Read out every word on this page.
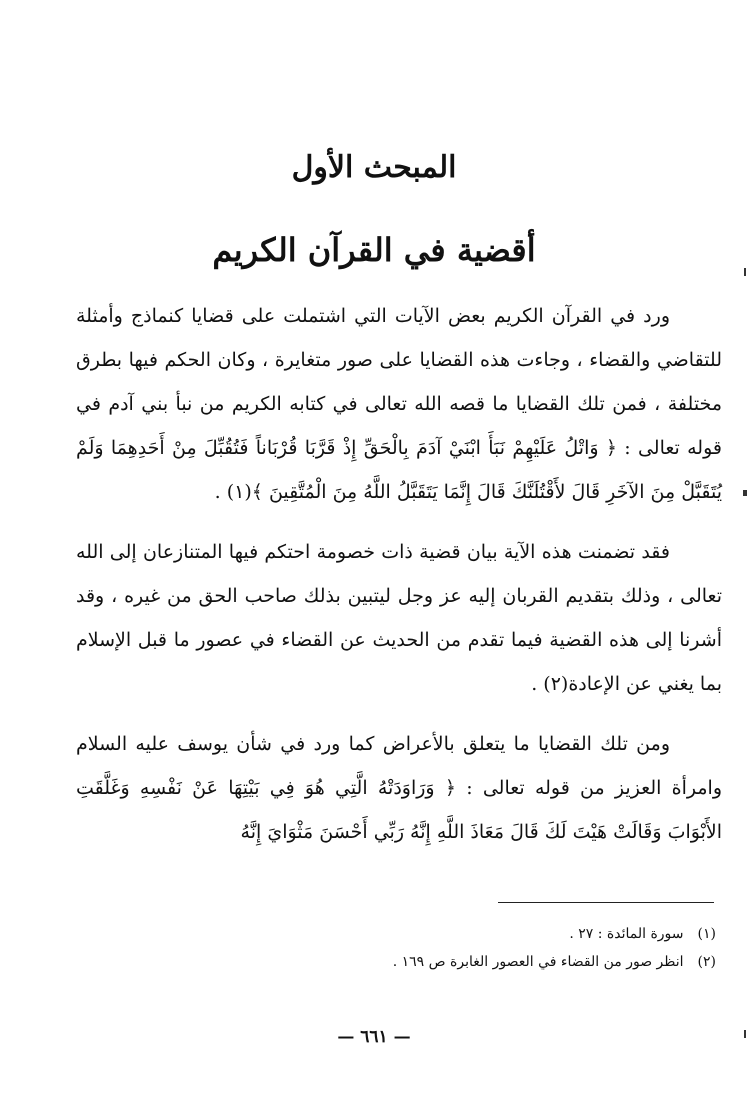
المبحث الأول
أقضية في القرآن الكريم

ورد في القرآن الكريم بعض الآيات التي اشتملت على قضايا كنماذج وأمثلة للتقاضي والقضاء ، وجاءت هذه القضايا على صور متغايرة ، وكان الحكم فيها بطرق مختلفة ، فمن تلك القضايا ما قصه الله تعالى في كتابه الكريم من نبأ بني آدم في قوله تعالى : ﴿ وَاتْلُ عَلَيْهِمْ نَبَأَ ابْنَيْ آدَمَ بِالْحَقِّ إِذْ قَرَّبَا قُرْبَاناً فَتُقُبِّلَ مِنْ أَحَدِهِمَا وَلَمْ يُتَقَبَّلْ مِنَ الآخَرِ قَالَ لأَقْتُلَنَّكَ قَالَ إِنَّمَا يَتَقَبَّلُ اللَّهُ مِنَ الْمُتَّقِينَ ﴾(١) .

فقد تضمنت هذه الآية بيان قضية ذات خصومة احتكم فيها المتنازعان إلى الله تعالى ، وذلك بتقديم القربان إليه عز وجل ليتبين بذلك صاحب الحق من غيره ، وقد أشرنا إلى هذه القضية فيما تقدم من الحديث عن القضاء في عصور ما قبل الإسلام بما يغني عن الإعادة(٢) .

ومن تلك القضايا ما يتعلق بالأعراض كما ورد في شأن يوسف عليه السلام وامرأة العزيز من قوله تعالى : ﴿ وَرَاوَدَتْهُ الَّتِي هُوَ فِي بَيْتِهَا عَنْ نَفْسِهِ وَغَلَّقَتِ الأَبْوَابَ وَقَالَتْ هَيْتَ لَكَ قَالَ مَعَاذَ اللَّهِ إِنَّهُ رَبِّي أَحْسَنَ مَثْوَايَ إِنَّهُ

(١)سورة المائدة : ٢٧ .
(٢)انظر صور من القضاء في العصور الغابرة ص ١٦٩ .
— ٦٦١ —
